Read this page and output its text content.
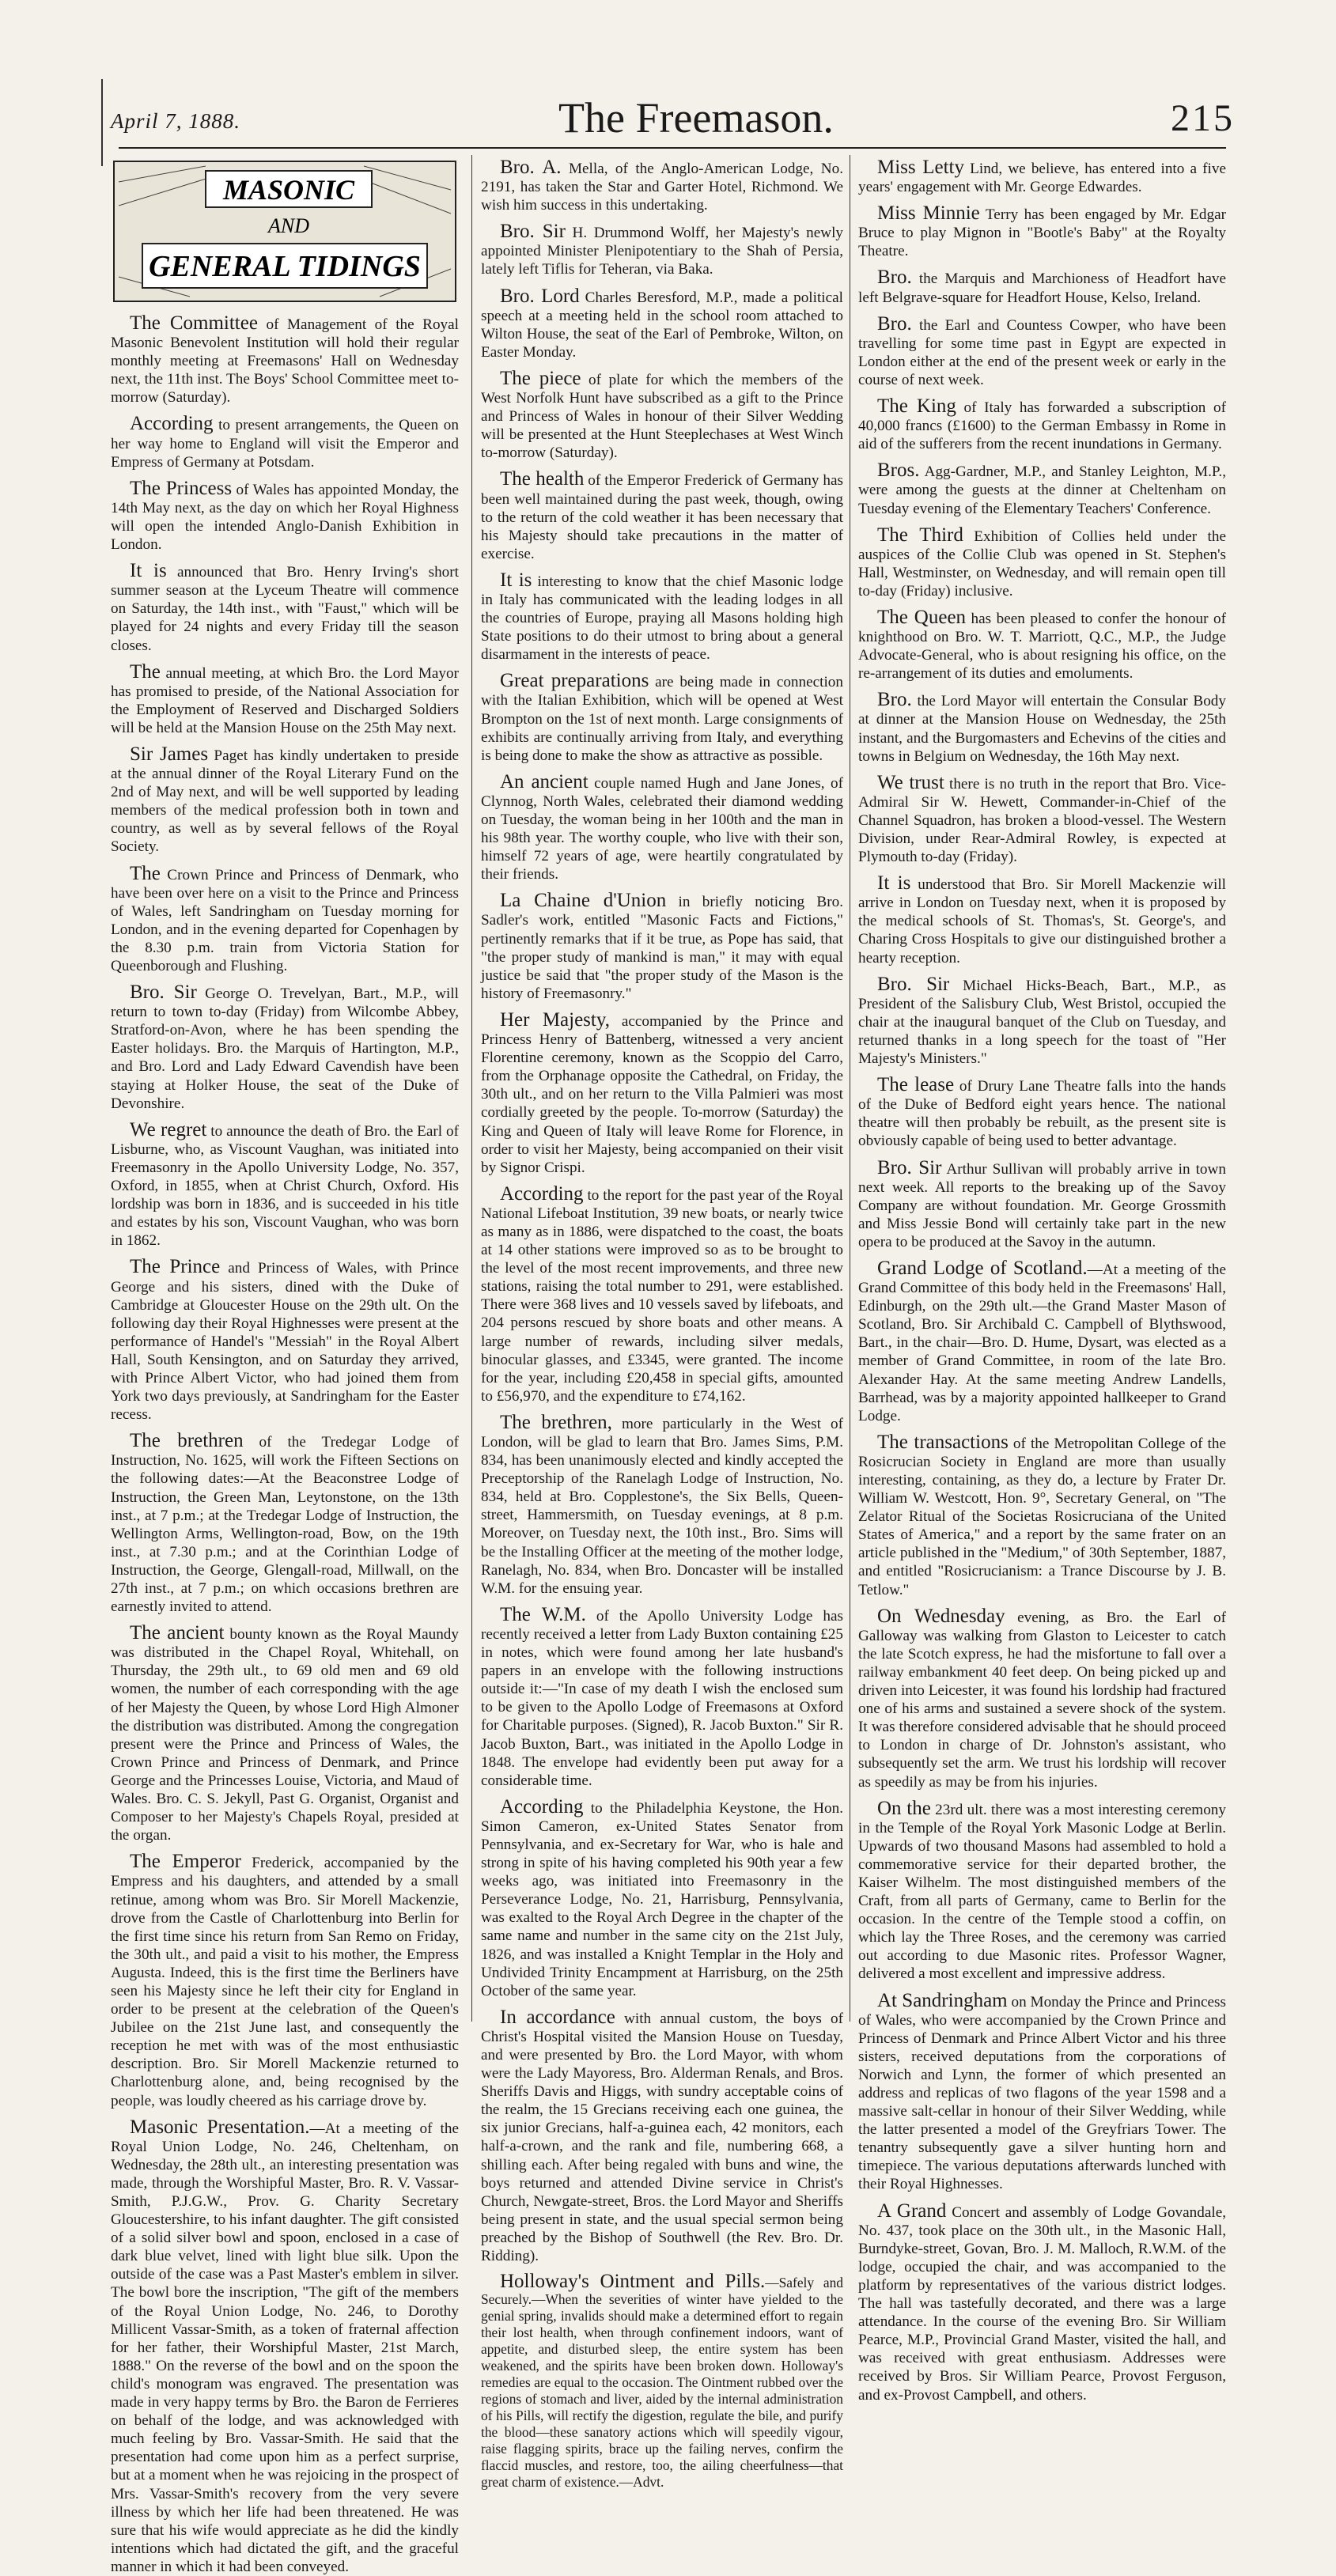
April 7, 1888.	The Freemason.	215
MASONIC
AND
GENERAL TIDINGS

The Committee of Management of the Royal Masonic Benevolent Institution will hold their regular monthly meeting at Freemasons' Hall on Wednesday next, the 11th inst. The Boys' School Committee meet to-morrow (Saturday).

According to present arrangements, the Queen on her way home to England will visit the Emperor and Empress of Germany at Potsdam.

The Princess of Wales has appointed Monday, the 14th May next, as the day on which her Royal Highness will open the intended Anglo-Danish Exhibition in London.

It is announced that Bro. Henry Irving's short summer season at the Lyceum Theatre will commence on Saturday, the 14th inst., with "Faust," which will be played for 24 nights and every Friday till the season closes.

The annual meeting, at which Bro. the Lord Mayor has promised to preside, of the National Association for the Employment of Reserved and Discharged Soldiers will be held at the Mansion House on the 25th May next.

Sir James Paget has kindly undertaken to preside at the annual dinner of the Royal Literary Fund on the 2nd of May next, and will be well supported by leading members of the medical profession both in town and country, as well as by several fellows of the Royal Society.

The Crown Prince and Princess of Denmark, who have been over here on a visit to the Prince and Princess of Wales, left Sandringham on Tuesday morning for London, and in the evening departed for Copenhagen by the 8.30 p.m. train from Victoria Station for Queenborough and Flushing.

Bro. Sir George O. Trevelyan, Bart., M.P., will return to town to-day (Friday) from Wilcombe Abbey, Stratford-on-Avon, where he has been spending the Easter holidays. Bro. the Marquis of Hartington, M.P., and Bro. Lord and Lady Edward Cavendish have been staying at Holker House, the seat of the Duke of Devonshire.

We regret to announce the death of Bro. the Earl of Lisburne, who, as Viscount Vaughan, was initiated into Freemasonry in the Apollo University Lodge, No. 357, Oxford, in 1855, when at Christ Church, Oxford. His lordship was born in 1836, and is succeeded in his title and estates by his son, Viscount Vaughan, who was born in 1862.

The Prince and Princess of Wales, with Prince George and his sisters, dined with the Duke of Cambridge at Gloucester House on the 29th ult. On the following day their Royal Highnesses were present at the performance of Handel's "Messiah" in the Royal Albert Hall, South Kensington, and on Saturday they arrived, with Prince Albert Victor, who had joined them from York two days previously, at Sandringham for the Easter recess.

The brethren of the Tredegar Lodge of Instruction, No. 1625, will work the Fifteen Sections on the following dates:—At the Beaconstree Lodge of Instruction, the Green Man, Leytonstone, on the 13th inst., at 7 p.m.; at the Tredegar Lodge of Instruction, the Wellington Arms, Wellington-road, Bow, on the 19th inst., at 7.30 p.m.; and at the Corinthian Lodge of Instruction, the George, Glengall-road, Millwall, on the 27th inst., at 7 p.m.; on which occasions brethren are earnestly invited to attend.

The ancient bounty known as the Royal Maundy was distributed in the Chapel Royal, Whitehall, on Thursday, the 29th ult., to 69 old men and 69 old women, the number of each corresponding with the age of her Majesty the Queen, by whose Lord High Almoner the distribution was distributed. Among the congregation present were the Prince and Princess of Wales, the Crown Prince and Princess of Denmark, and Prince George and the Princesses Louise, Victoria, and Maud of Wales. Bro. C. S. Jekyll, Past G. Organist, Organist and Composer to her Majesty's Chapels Royal, presided at the organ.

The Emperor Frederick, accompanied by the Empress and his daughters, and attended by a small retinue, among whom was Bro. Sir Morell Mackenzie, drove from the Castle of Charlottenburg into Berlin for the first time since his return from San Remo on Friday, the 30th ult., and paid a visit to his mother, the Empress Augusta. Indeed, this is the first time the Berliners have seen his Majesty since he left their city for England in order to be present at the celebration of the Queen's Jubilee on the 21st June last, and consequently the reception he met with was of the most enthusiastic description. Bro. Sir Morell Mackenzie returned to Charlottenburg alone, and, being recognised by the people, was loudly cheered as his carriage drove by.

Masonic Presentation.—At a meeting of the Royal Union Lodge, No. 246, Cheltenham, on Wednesday, the 28th ult., an interesting presentation was made, through the Worshipful Master, Bro. R. V. Vassar-Smith, P.J.G.W., Prov. G. Charity Secretary Gloucestershire, to his infant daughter. The gift consisted of a solid silver bowl and spoon, enclosed in a case of dark blue velvet, lined with light blue silk. Upon the outside of the case was a Past Master's emblem in silver. The bowl bore the inscription, "The gift of the members of the Royal Union Lodge, No. 246, to Dorothy Millicent Vassar-Smith, as a token of fraternal affection for her father, their Worshipful Master, 21st March, 1888." On the reverse of the bowl and on the spoon the child's monogram was engraved. The presentation was made in very happy terms by Bro. the Baron de Ferrieres on behalf of the lodge, and was acknowledged with much feeling by Bro. Vassar-Smith. He said that the presentation had come upon him as a perfect surprise, but at a moment when he was rejoicing in the prospect of Mrs. Vassar-Smith's recovery from the very severe illness by which her life had been threatened. He was sure that his wife would appreciate as he did the kindly intentions which had dictated the gift, and the graceful manner in which it had been conveyed.

Bro. A. Mella, of the Anglo-American Lodge, No. 2191, has taken the Star and Garter Hotel, Richmond. We wish him success in this undertaking.

Bro. Sir H. Drummond Wolff, her Majesty's newly appointed Minister Plenipotentiary to the Shah of Persia, lately left Tiflis for Teheran, via Baka.

Bro. Lord Charles Beresford, M.P., made a political speech at a meeting held in the school room attached to Wilton House, the seat of the Earl of Pembroke, Wilton, on Easter Monday.

The piece of plate for which the members of the West Norfolk Hunt have subscribed as a gift to the Prince and Princess of Wales in honour of their Silver Wedding will be presented at the Hunt Steeplechases at West Winch to-morrow (Saturday).

The health of the Emperor Frederick of Germany has been well maintained during the past week, though, owing to the return of the cold weather it has been necessary that his Majesty should take precautions in the matter of exercise.

It is interesting to know that the chief Masonic lodge in Italy has communicated with the leading lodges in all the countries of Europe, praying all Masons holding high State positions to do their utmost to bring about a general disarmament in the interests of peace.

Great preparations are being made in connection with the Italian Exhibition, which will be opened at West Brompton on the 1st of next month. Large consignments of exhibits are continually arriving from Italy, and everything is being done to make the show as attractive as possible.

An ancient couple named Hugh and Jane Jones, of Clynnog, North Wales, celebrated their diamond wedding on Tuesday, the woman being in her 100th and the man in his 98th year. The worthy couple, who live with their son, himself 72 years of age, were heartily congratulated by their friends.

La Chaine d'Union in briefly noticing Bro. Sadler's work, entitled "Masonic Facts and Fictions," pertinently remarks that if it be true, as Pope has said, that "the proper study of mankind is man," it may with equal justice be said that "the proper study of the Mason is the history of Freemasonry."

Her Majesty, accompanied by the Prince and Princess Henry of Battenberg, witnessed a very ancient Florentine ceremony, known as the Scoppio del Carro, from the Orphanage opposite the Cathedral, on Friday, the 30th ult., and on her return to the Villa Palmieri was most cordially greeted by the people. To-morrow (Saturday) the King and Queen of Italy will leave Rome for Florence, in order to visit her Majesty, being accompanied on their visit by Signor Crispi.

According to the report for the past year of the Royal National Lifeboat Institution, 39 new boats, or nearly twice as many as in 1886, were dispatched to the coast, the boats at 14 other stations were improved so as to be brought to the level of the most recent improvements, and three new stations, raising the total number to 291, were established. There were 368 lives and 10 vessels saved by lifeboats, and 204 persons rescued by shore boats and other means. A large number of rewards, including silver medals, binocular glasses, and £3345, were granted. The income for the year, including £20,458 in special gifts, amounted to £56,970, and the expenditure to £74,162.

The brethren, more particularly in the West of London, will be glad to learn that Bro. James Sims, P.M. 834, has been unanimously elected and kindly accepted the Preceptorship of the Ranelagh Lodge of Instruction, No. 834, held at Bro. Copplestone's, the Six Bells, Queen-street, Hammersmith, on Tuesday evenings, at 8 p.m. Moreover, on Tuesday next, the 10th inst., Bro. Sims will be the Installing Officer at the meeting of the mother lodge, Ranelagh, No. 834, when Bro. Doncaster will be installed W.M. for the ensuing year.

The W.M. of the Apollo University Lodge has recently received a letter from Lady Buxton containing £25 in notes, which were found among her late husband's papers in an envelope with the following instructions outside it:—"In case of my death I wish the enclosed sum to be given to the Apollo Lodge of Freemasons at Oxford for Charitable purposes. (Signed), R. Jacob Buxton." Sir R. Jacob Buxton, Bart., was initiated in the Apollo Lodge in 1848. The envelope had evidently been put away for a considerable time.

According to the Philadelphia Keystone, the Hon. Simon Cameron, ex-United States Senator from Pennsylvania, and ex-Secretary for War, who is hale and strong in spite of his having completed his 90th year a few weeks ago, was initiated into Freemasonry in the Perseverance Lodge, No. 21, Harrisburg, Pennsylvania, was exalted to the Royal Arch Degree in the chapter of the same name and number in the same city on the 21st July, 1826, and was installed a Knight Templar in the Holy and Undivided Trinity Encampment at Harrisburg, on the 25th October of the same year.

In accordance with annual custom, the boys of Christ's Hospital visited the Mansion House on Tuesday, and were presented by Bro. the Lord Mayor, with whom were the Lady Mayoress, Bro. Alderman Renals, and Bros. Sheriffs Davis and Higgs, with sundry acceptable coins of the realm, the 15 Grecians receiving each one guinea, the six junior Grecians, half-a-guinea each, 42 monitors, each half-a-crown, and the rank and file, numbering 668, a shilling each. After being regaled with buns and wine, the boys returned and attended Divine service in Christ's Church, Newgate-street, Bros. the Lord Mayor and Sheriffs being present in state, and the usual special sermon being preached by the Bishop of Southwell (the Rev. Bro. Dr. Ridding).

Holloway's Ointment and Pills.—Safely and Securely.—When the severities of winter have yielded to the genial spring, invalids should make a determined effort to regain their lost health, when through confinement indoors, want of appetite, and disturbed sleep, the entire system has been weakened, and the spirits have been broken down. Holloway's remedies are equal to the occasion. The Ointment rubbed over the regions of stomach and liver, aided by the internal administration of his Pills, will rectify the digestion, regulate the bile, and purify the blood—these sanatory actions which will speedily vigour, raise flagging spirits, brace up the failing nerves, confirm the flaccid muscles, and restore, too, the ailing cheerfulness—that great charm of existence.—Advt.

Miss Letty Lind, we believe, has entered into a five years' engagement with Mr. George Edwardes.

Miss Minnie Terry has been engaged by Mr. Edgar Bruce to play Mignon in "Bootle's Baby" at the Royalty Theatre.

Bro. the Marquis and Marchioness of Headfort have left Belgrave-square for Headfort House, Kelso, Ireland.

Bro. the Earl and Countess Cowper, who have been travelling for some time past in Egypt are expected in London either at the end of the present week or early in the course of next week.

The King of Italy has forwarded a subscription of 40,000 francs (£1600) to the German Embassy in Rome in aid of the sufferers from the recent inundations in Germany.

Bros. Agg-Gardner, M.P., and Stanley Leighton, M.P., were among the guests at the dinner at Cheltenham on Tuesday evening of the Elementary Teachers' Conference.

The Third Exhibition of Collies held under the auspices of the Collie Club was opened in St. Stephen's Hall, Westminster, on Wednesday, and will remain open till to-day (Friday) inclusive.

The Queen has been pleased to confer the honour of knighthood on Bro. W. T. Marriott, Q.C., M.P., the Judge Advocate-General, who is about resigning his office, on the re-arrangement of its duties and emoluments.

Bro. the Lord Mayor will entertain the Consular Body at dinner at the Mansion House on Wednesday, the 25th instant, and the Burgomasters and Echevins of the cities and towns in Belgium on Wednesday, the 16th May next.

We trust there is no truth in the report that Bro. Vice-Admiral Sir W. Hewett, Commander-in-Chief of the Channel Squadron, has broken a blood-vessel. The Western Division, under Rear-Admiral Rowley, is expected at Plymouth to-day (Friday).

It is understood that Bro. Sir Morell Mackenzie will arrive in London on Tuesday next, when it is proposed by the medical schools of St. Thomas's, St. George's, and Charing Cross Hospitals to give our distinguished brother a hearty reception.

Bro. Sir Michael Hicks-Beach, Bart., M.P., as President of the Salisbury Club, West Bristol, occupied the chair at the inaugural banquet of the Club on Tuesday, and returned thanks in a long speech for the toast of "Her Majesty's Ministers."

The lease of Drury Lane Theatre falls into the hands of the Duke of Bedford eight years hence. The national theatre will then probably be rebuilt, as the present site is obviously capable of being used to better advantage.

Bro. Sir Arthur Sullivan will probably arrive in town next week. All reports to the breaking up of the Savoy Company are without foundation. Mr. George Grossmith and Miss Jessie Bond will certainly take part in the new opera to be produced at the Savoy in the autumn.

Grand Lodge of Scotland.—At a meeting of the Grand Committee of this body held in the Freemasons' Hall, Edinburgh, on the 29th ult.—the Grand Master Mason of Scotland, Bro. Sir Archibald C. Campbell of Blythswood, Bart., in the chair—Bro. D. Hume, Dysart, was elected as a member of Grand Committee, in room of the late Bro. Alexander Hay. At the same meeting Andrew Landells, Barrhead, was by a majority appointed hallkeeper to Grand Lodge.

The transactions of the Metropolitan College of the Rosicrucian Society in England are more than usually interesting, containing, as they do, a lecture by Frater Dr. William W. Westcott, Hon. 9°, Secretary General, on "The Zelator Ritual of the Societas Rosicruciana of the United States of America," and a report by the same frater on an article published in the "Medium," of 30th September, 1887, and entitled "Rosicrucianism: a Trance Discourse by J. B. Tetlow."

On Wednesday evening, as Bro. the Earl of Galloway was walking from Glaston to Leicester to catch the late Scotch express, he had the misfortune to fall over a railway embankment 40 feet deep. On being picked up and driven into Leicester, it was found his lordship had fractured one of his arms and sustained a severe shock of the system. It was therefore considered advisable that he should proceed to London in charge of Dr. Johnston's assistant, who subsequently set the arm. We trust his lordship will recover as speedily as may be from his injuries.

On the 23rd ult. there was a most interesting ceremony in the Temple of the Royal York Masonic Lodge at Berlin. Upwards of two thousand Masons had assembled to hold a commemorative service for their departed brother, the Kaiser Wilhelm. The most distinguished members of the Craft, from all parts of Germany, came to Berlin for the occasion. In the centre of the Temple stood a coffin, on which lay the Three Roses, and the ceremony was carried out according to due Masonic rites. Professor Wagner, delivered a most excellent and impressive address.

At Sandringham on Monday the Prince and Princess of Wales, who were accompanied by the Crown Prince and Princess of Denmark and Prince Albert Victor and his three sisters, received deputations from the corporations of Norwich and Lynn, the former of which presented an address and replicas of two flagons of the year 1598 and a massive salt-cellar in honour of their Silver Wedding, while the latter presented a model of the Greyfriars Tower. The tenantry subsequently gave a silver hunting horn and timepiece. The various deputations afterwards lunched with their Royal Highnesses.

A Grand Concert and assembly of Lodge Govandale, No. 437, took place on the 30th ult., in the Masonic Hall, Burndyke-street, Govan, Bro. J. M. Malloch, R.W.M. of the lodge, occupied the chair, and was accompanied to the platform by representatives of the various district lodges. The hall was tastefully decorated, and there was a large attendance. In the course of the evening Bro. Sir William Pearce, M.P., Provincial Grand Master, visited the hall, and was received with great enthusiasm. Addresses were received by Bros. Sir William Pearce, Provost Ferguson, and ex-Provost Campbell, and others.
